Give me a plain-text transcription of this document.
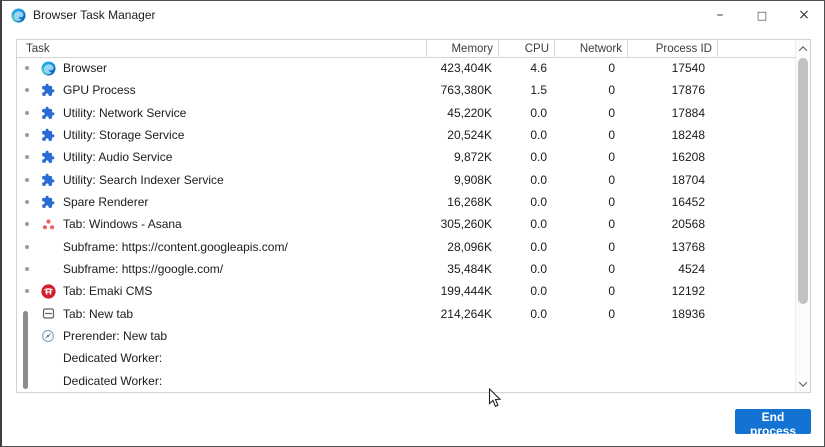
Browser Task Manager	–	□	×
Task	Memory	CPU	Network	Process ID
Browser	423,404K	4.6	0	17540
GPU Process	763,380K	1.5	0	17876
Utility: Network Service	45,220K	0.0	0	17884
Utility: Storage Service	20,524K	0.0	0	18248
Utility: Audio Service	9,872K	0.0	0	16208
Utility: Search Indexer Service	9,908K	0.0	0	18704
Spare Renderer	16,268K	0.0	0	16452
Tab: Windows - Asana	305,260K	0.0	0	20568
Subframe: https://content.googleapis.com/	28,096K	0.0	0	13768
Subframe: https://google.com/	35,484K	0.0	0	4524
Tab: Emaki CMS	199,444K	0.0	0	12192
Tab: New tab	214,264K	0.0	0	18936
Prerender: New tab
Dedicated Worker:
Dedicated Worker:
End process
